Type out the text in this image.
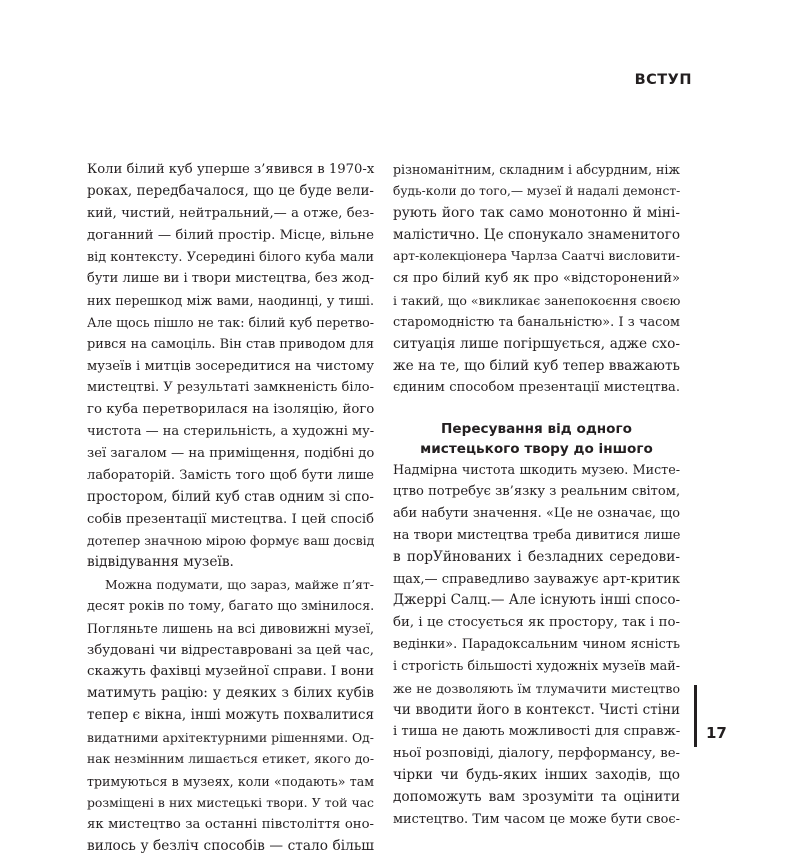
ВСТУП
Коли білий куб уперше з’явився в 1970-х
роках, передбачалося, що це буде вели-
кий, чистий, нейтральний,— а отже, без-
доганний — білий простір. Місце, вільне
від контексту. Усередині білого куба мали
бути лише ви і твори мистецтва, без жод-
них перешкод між вами, наодинці, у тиші.
Але щось пішло не так: білий куб перетво-
рився на самоціль. Він став приводом для
музеїв і митців зосередитися на чистому
мистецтві. У результаті замкненість біло-
го куба перетворилася на ізоляцію, його
чистота — на стерильність, а художні му-
зеї загалом — на приміщення, подібні до
лабораторій. Замість того щоб бути лише
простором, білий куб став одним зі спо-
собів презентації мистецтва. І цей спосіб
дотепер значною мірою формує ваш досвід
відвідування музеїв.
Можна подумати, що зараз, майже п’ят-
десят років по тому, багато що змінилося.
Погляньте лишень на всі дивовижні музеї,
збудовані чи відреставровані за цей час,
скажуть фахівці музейної справи. І вони
матимуть рацію: у деяких з білих кубів
тепер є вікна, інші можуть похвалитися
видатними архітектурними рішеннями. Од-
нак незмінним лишається етикет, якого до-
тримуються в музеях, коли «подають» там
розміщені в них мистецькі твори. У той час
як мистецтво за останні півстоліття оно-
вилось у безліч способів — стало більш
різноманітним, складним і абсурдним, ніж
будь-коли до того,— музеї й надалі демонст-
рують його так само монотонно й міні-
малістично. Це спонукало знаменитого
арт-колекціонера Чарлза Саатчі висловити-
ся про білий куб як про «відсторонений»
і такий, що «викликає занепокоєння своєю
старомодністю та банальністю». І з часом
ситуація лише погіршується, адже схо-
же на те, що білий куб тепер вважають
єдиним способом презентації мистецтва.
Пересування від одного
мистецького твору до іншого
Надмірна чистота шкодить музею. Мисте-
цтво потребує зв’язку з реальним світом,
аби набути значення. «Це не означає, що
на твори мистецтва треба дивитися лише
в порУйнованих і безладних середови-
щах,— справедливо зауважує арт-критик
Джеррі Салц.— Але існують інші спосо-
би, і це стосується як простору, так і по-
ведінки». Парадоксальним чином ясність
і строгість більшості художніх музеїв май-
же не дозволяють їм тлумачити мистецтво
чи вводити його в контекст. Чисті стіни
і тиша не дають можливості для справж-
ньої розповіді, діалогу, перформансу, ве-
чірки чи будь-яких інших заходів, що
допоможуть вам зрозуміти та оцінити
мистецтво. Тим часом це може бути своє-
17
